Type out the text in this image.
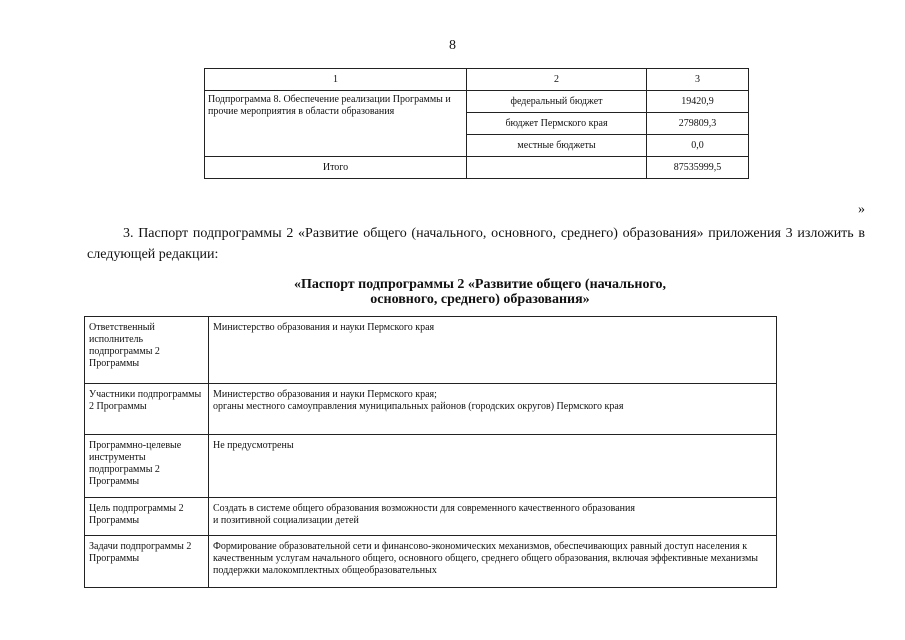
8
1	2	3
Подпрограмма 8. Обеспечение реализации Программы и прочие мероприятия в области образования	федеральный бюджет	19420,9
	бюджет Пермского края	279809,3
	местные бюджеты	0,0
Итого		87535999,5
»

3. Паспорт подпрограммы 2 «Развитие общего (начального, основного, среднего) образования» приложения 3 изложить в следующей редакции:

«Паспорт подпрограммы 2 «Развитие общего (начального,
основного, среднего) образования»
Ответственный исполнитель подпрограммы 2 Программы	Министерство образования и науки Пермского края
Участники подпрограммы 2 Программы	Министерство образования и науки Пермского края;
органы местного самоуправления муниципальных районов (городских округов) Пермского края
Программно-целевые инструменты подпрограммы 2 Программы	Не предусмотрены
Цель подпрограммы 2 Программы	Создать в системе общего образования возможности для современного качественного образования
и позитивной социализации детей
Задачи подпрограммы 2 Программы	Формирование образовательной сети и финансово-экономических механизмов, обеспечивающих равный доступ населения к качественным услугам начального общего, основного общего, среднего общего образования, включая эффективные механизмы поддержки малокомплектных общеобразовательных
